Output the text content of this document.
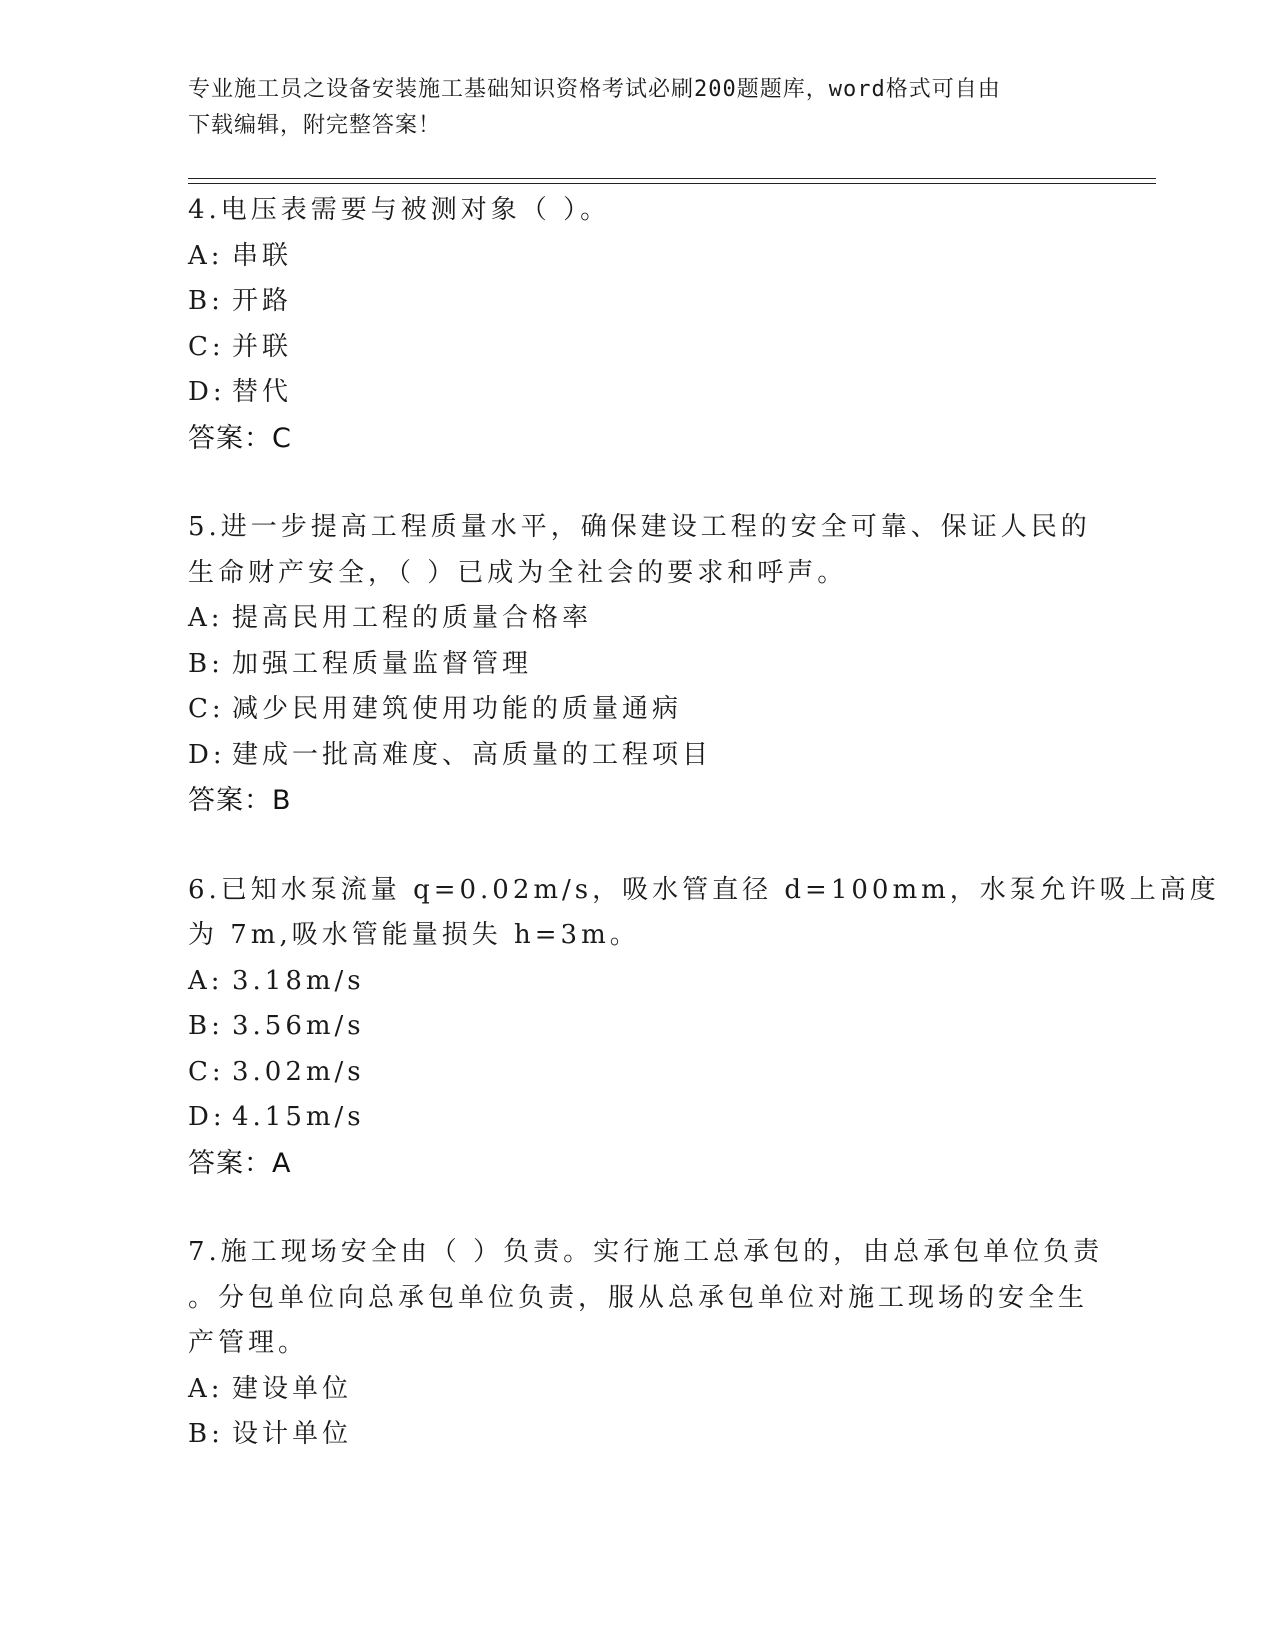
专业施工员之设备安装施工基础知识资格考试必刷200题题库，word格式可自由
下载编辑，附完整答案！
4.电压表需要与被测对象（ ）。
A: 串联
B: 开路
C: 并联
D: 替代
答案：C
5.进一步提高工程质量水平，确保建设工程的安全可靠、保证人民的
生命财产安全，（ ）已成为全社会的要求和呼声。
A: 提高民用工程的质量合格率
B: 加强工程质量监督管理
C: 减少民用建筑使用功能的质量通病
D: 建成一批高难度、高质量的工程项目
答案：B
6.已知水泵流量 q=0.02m/s，吸水管直径 d=100mm，水泵允许吸上高度
为 7m,吸水管能量损失 h=3m。
A: 3.18m/s
B: 3.56m/s
C: 3.02m/s
D: 4.15m/s
答案：A
7.施工现场安全由（ ）负责。实行施工总承包的，由总承包单位负责
。分包单位向总承包单位负责，服从总承包单位对施工现场的安全生
产管理。
A: 建设单位
B: 设计单位
